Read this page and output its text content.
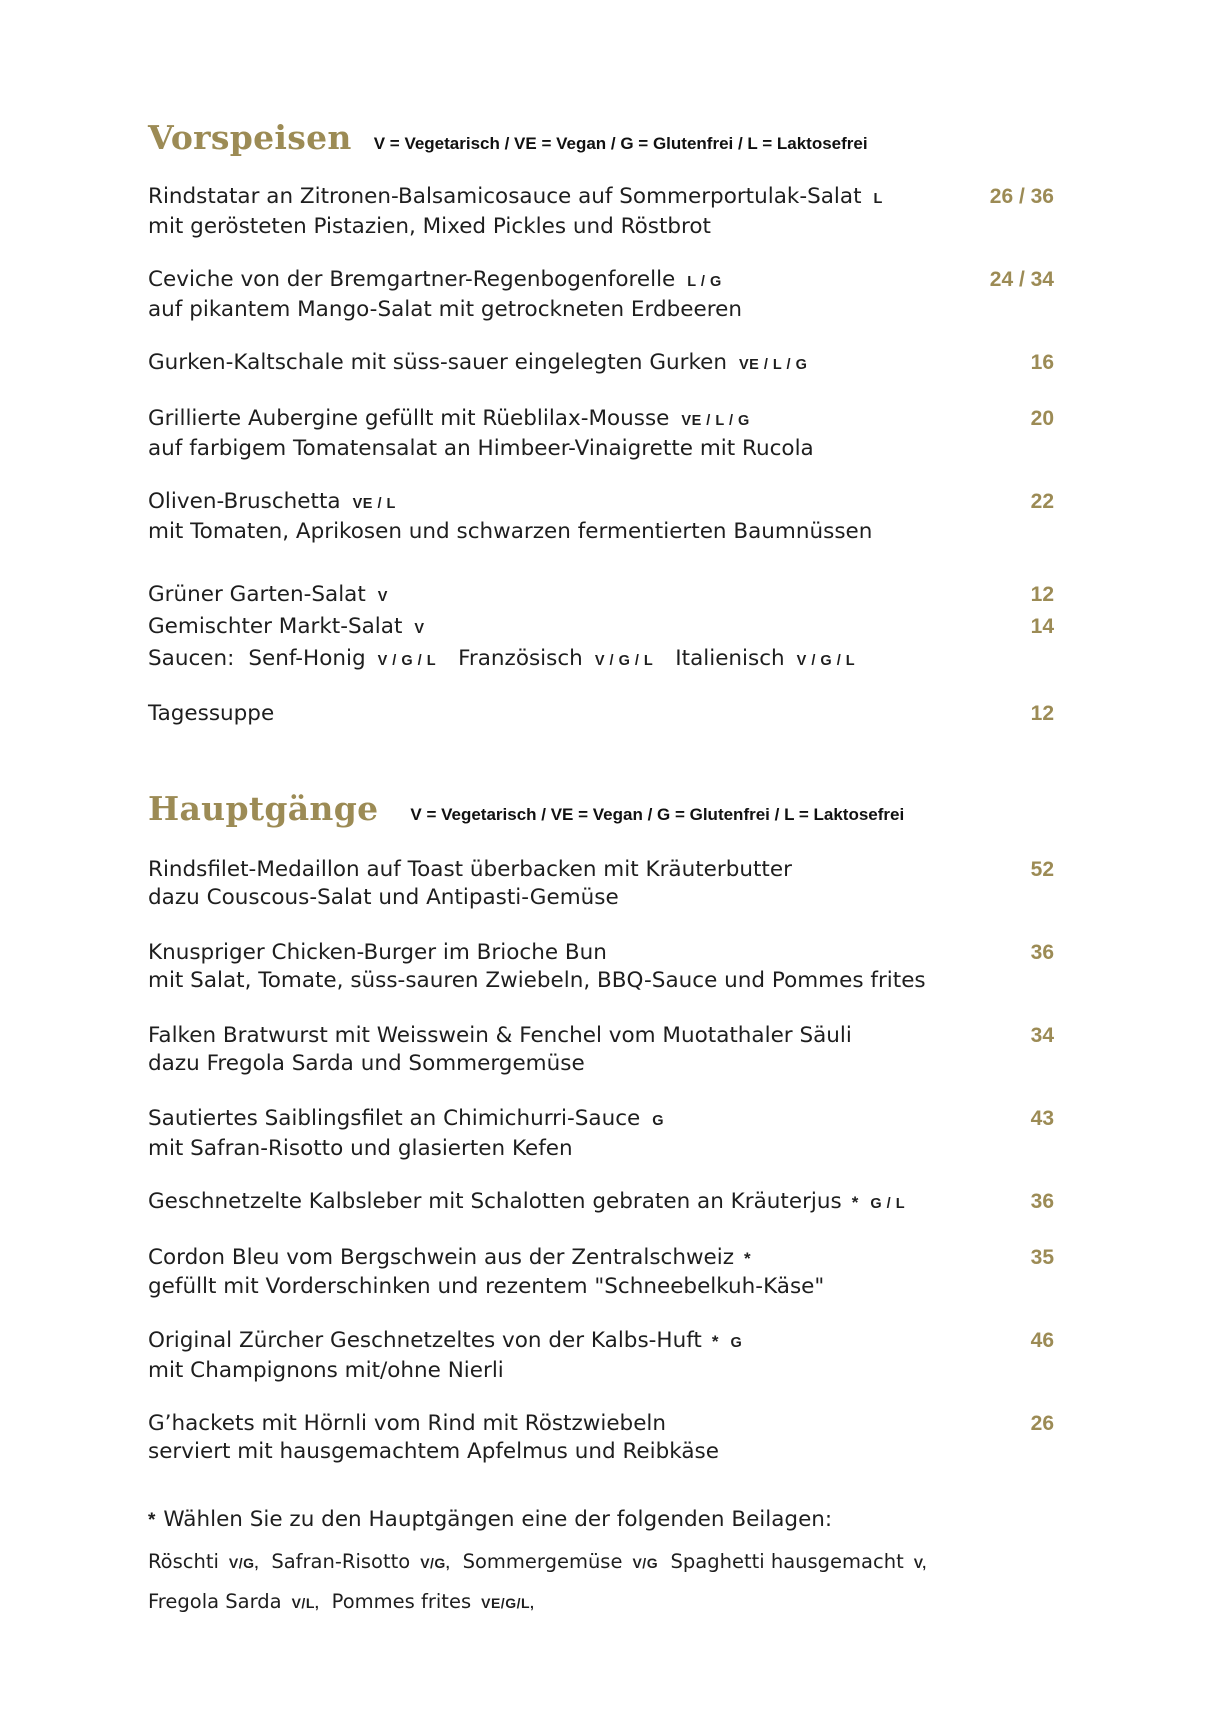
Vorspeisen V = Vegetarisch / VE = Vegan / G = Glutenfrei / L = Laktosefrei
Rindstatar an Zitronen-Balsamicosauce auf Sommerportulak-Salat L
mit gerösteten Pistazien, Mixed Pickles und Röstbrot
26 / 36
Ceviche von der Bremgartner-Regenbogenforelle L / G
auf pikantem Mango-Salat mit getrockneten Erdbeeren
24 / 34
Gurken-Kaltschale mit süss-sauer eingelegten Gurken VE / L / G	16
Grillierte Aubergine gefüllt mit Rüeblilax-Mousse VE / L / G
auf farbigem Tomatensalat an Himbeer-Vinaigrette mit Rucola
20
Oliven-Bruschetta VE / L
mit Tomaten, Aprikosen und schwarzen fermentierten Baumnüssen
22
Grüner Garten-Salat V	12
Gemischter Markt-Salat V	14
Saucen: Senf-Honig V / G / L Französisch V / G / L Italienisch V / G / L
Tagessuppe	12
Hauptgänge V = Vegetarisch / VE = Vegan / G = Glutenfrei / L = Laktosefrei
Rindsfilet-Medaillon auf Toast überbacken mit Kräuterbutter
dazu Couscous-Salat und Antipasti-Gemüse
52
Knuspriger Chicken-Burger im Brioche Bun
mit Salat, Tomate, süss-sauren Zwiebeln, BBQ-Sauce und Pommes frites
36
Falken Bratwurst mit Weisswein & Fenchel vom Muotathaler Säuli
dazu Fregola Sarda und Sommergemüse
34
Sautiertes Saiblingsfilet an Chimichurri-Sauce G
mit Safran-Risotto und glasierten Kefen
43
Geschnetzelte Kalbsleber mit Schalotten gebraten an Kräuterjus * G / L	36
Cordon Bleu vom Bergschwein aus der Zentralschweiz *
gefüllt mit Vorderschinken und rezentem "Schneebelkuh-Käse"
35
Original Zürcher Geschnetzeltes von der Kalbs-Huft * G
mit Champignons mit/ohne Nierli
46
G’hackets mit Hörnli vom Rind mit Röstzwiebeln
serviert mit hausgemachtem Apfelmus und Reibkäse
26
* Wählen Sie zu den Hauptgängen eine der folgenden Beilagen:
Röschti V/G, Safran-Risotto V/G, Sommergemüse V/G Spaghetti hausgemacht V,
Fregola Sarda V/L, Pommes frites VE/G/L,
